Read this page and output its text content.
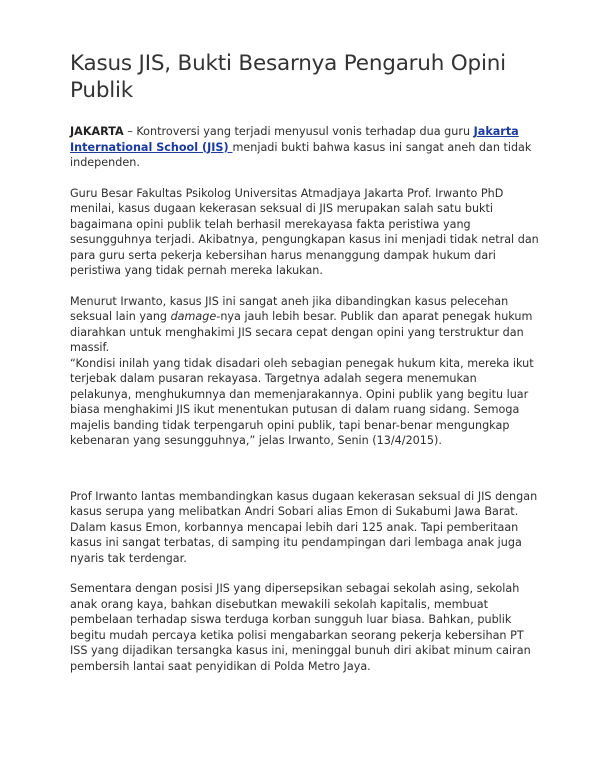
Kasus JIS, Bukti Besarnya Pengaruh Opini Publik

JAKARTA – Kontroversi yang terjadi menyusul vonis terhadap dua guru Jakarta International School (JIS) menjadi bukti bahwa kasus ini sangat aneh dan tidak independen.

Guru Besar Fakultas Psikolog Universitas Atmadjaya Jakarta Prof. Irwanto PhD menilai, kasus dugaan kekerasan seksual di JIS merupakan salah satu bukti bagaimana opini publik telah berhasil merekayasa fakta peristiwa yang sesungguhnya terjadi. Akibatnya, pengungkapan kasus ini menjadi tidak netral dan para guru serta pekerja kebersihan harus menanggung dampak hukum dari peristiwa yang tidak pernah mereka lakukan.

Menurut Irwanto, kasus JIS ini sangat aneh jika dibandingkan kasus pelecehan seksual lain yang damage-nya jauh lebih besar. Publik dan aparat penegak hukum diarahkan untuk menghakimi JIS secara cepat dengan opini yang terstruktur dan massif.

“Kondisi inilah yang tidak disadari oleh sebagian penegak hukum kita, mereka ikut terjebak dalam pusaran rekayasa. Targetnya adalah segera menemukan pelakunya, menghukumnya dan memenjarakannya. Opini publik yang begitu luar biasa menghakimi JIS ikut menentukan putusan di dalam ruang sidang. Semoga majelis banding tidak terpengaruh opini publik, tapi benar-benar mengungkap kebenaran yang sesungguhnya,” jelas Irwanto, Senin (13/4/2015).

Prof Irwanto lantas membandingkan kasus dugaan kekerasan seksual di JIS dengan kasus serupa yang melibatkan Andri Sobari alias Emon di Sukabumi Jawa Barat. Dalam kasus Emon, korbannya mencapai lebih dari 125 anak. Tapi pemberitaan kasus ini sangat terbatas, di samping itu pendampingan dari lembaga anak juga nyaris tak terdengar.

Sementara dengan posisi JIS yang dipersepsikan sebagai sekolah asing, sekolah anak orang kaya, bahkan disebutkan mewakili sekolah kapitalis, membuat pembelaan terhadap siswa terduga korban sungguh luar biasa. Bahkan, publik begitu mudah percaya ketika polisi mengabarkan seorang pekerja kebersihan PT ISS yang dijadikan tersangka kasus ini, meninggal bunuh diri akibat minum cairan pembersih lantai saat penyidikan di Polda Metro Jaya.
